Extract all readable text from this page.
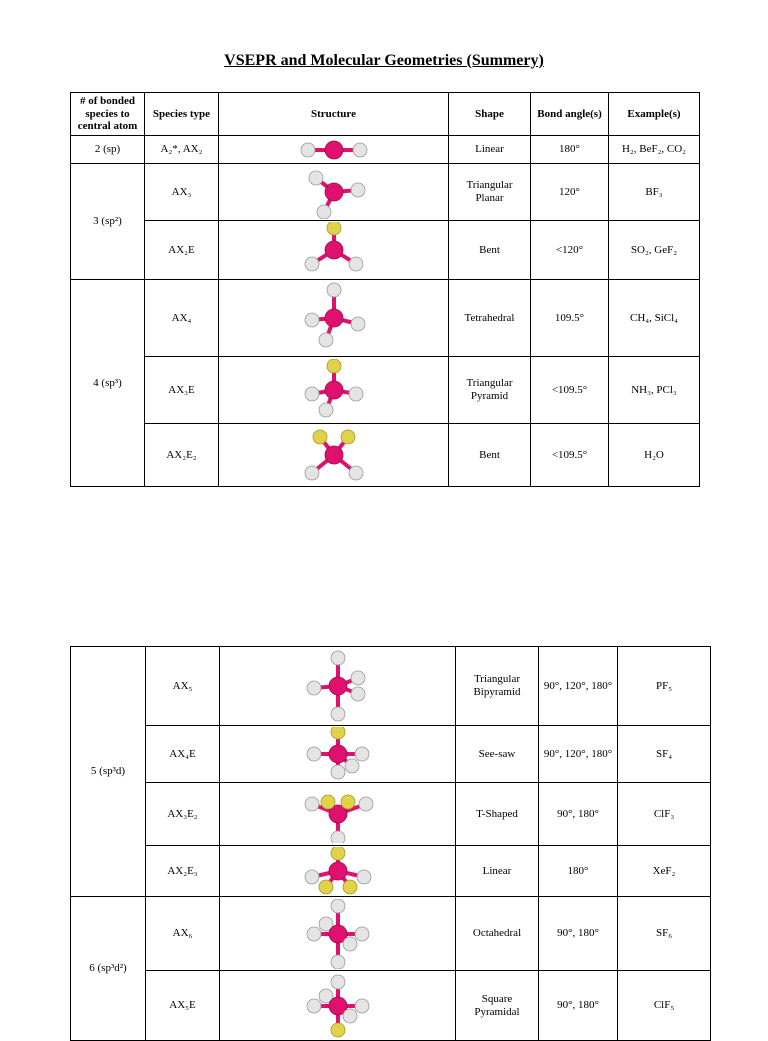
VSEPR and Molecular Geometries (Summery)
# of bonded species to central atom	Species type	Structure	Shape	Bond angle(s)	Example(s)
2 (sp)	A₂*, AX₂		Linear	180°	H₂, BeF₂, CO₂
3 (sp²)	AX₃		Triangular Planar	120°	BF₃
	AX₂E		Bent	<120°	SO₂, GeF₂
4 (sp³)	AX₄		Tetrahedral	109.5°	CH₄, SiCl₄
	AX₃E		Triangular Pyramid	<109.5°	NH₃, PCl₃
	AX₂E₂		Bent	<109.5°	H₂O
5 (sp³d)	AX₅		Triangular Bipyramid	90°, 120°, 180°	PF₅
	AX₄E		See-saw	90°, 120°, 180°	SF₄
	AX₃E₂		T-Shaped	90°, 180°	ClF₃
	AX₂E₃		Linear	180°	XeF₂
6 (sp³d²)	AX₆		Octahedral	90°, 180°	SF₆
	AX₅E		Square Pyramidal	90°, 180°	ClF₅
